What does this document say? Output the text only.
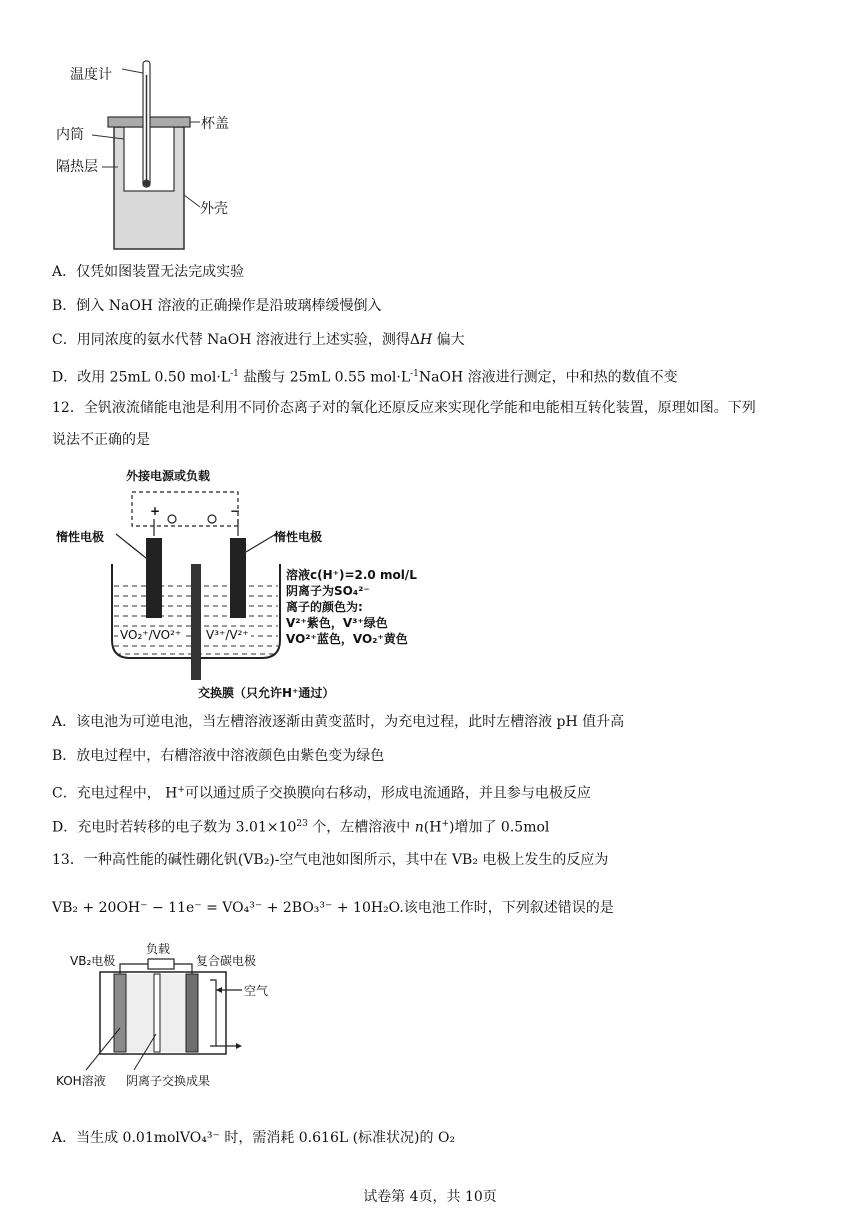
温度计
杯盖
内筒
隔热层
外壳
A．仅凭如图装置无法完成实验
B．倒入 NaOH 溶液的正确操作是沿玻璃棒缓慢倒入
C．用同浓度的氨水代替 NaOH 溶液进行上述实验，测得ΔH 偏大
D．改用 25mL 0.50 $mol\cdot L^{-1}$ 盐酸与 25mL 0.55 $mol\cdot L^{-1}NaOH$ 溶液进行测定，中和热的数值不变
12．全钒液流储能电池是利用不同价态离子对的氧化还原反应来实现化学能和电能相互转化装置，原理如图。下列
说法不正确的是
外接电源或负载
+	−
惰性电极	惰性电极
溶液c(H⁺)=2.0 mol/L
阴离子为SO₄²⁻
离子的颜色为:
V²⁺紫色，V³⁺绿色
VO²⁺蓝色，VO₂⁺黄色
VO₂⁺/VO²⁺ V³⁺/V²⁺
交换膜（只允许H⁺通过）
A．该电池为可逆电池，当左槽溶液逐渐由黄变蓝时，为充电过程，此时左槽溶液 pH 值升高
B．放电过程中，右槽溶液中溶液颜色由紫色变为绿色
C．充电过程中， H+可以通过质子交换膜向右移动，形成电流通路，并且参与电极反应
D．充电时若转移的电子数为 $3.01\times 10^{23}$ 个，左槽溶液中 n(H+)增加了 0.5mol
13．一种高性能的碱性硼化钒(VB₂)-空气电池如图所示，其中在 VB₂ 电极上发生的反应为
VB₂ + 20OH⁻ − 11e⁻ = VO₄³⁻ + 2BO₃³⁻ + 10H₂O.该电池工作时，下列叙述错误的是
VB₂电极
负载
复合碳电极
空气
KOH溶液 阴离子交换成果
A．当生成 0.01molVO₄³⁻ 时，需消耗 0.616L (标准状况)的 O₂
试卷第 4页，共 10页
